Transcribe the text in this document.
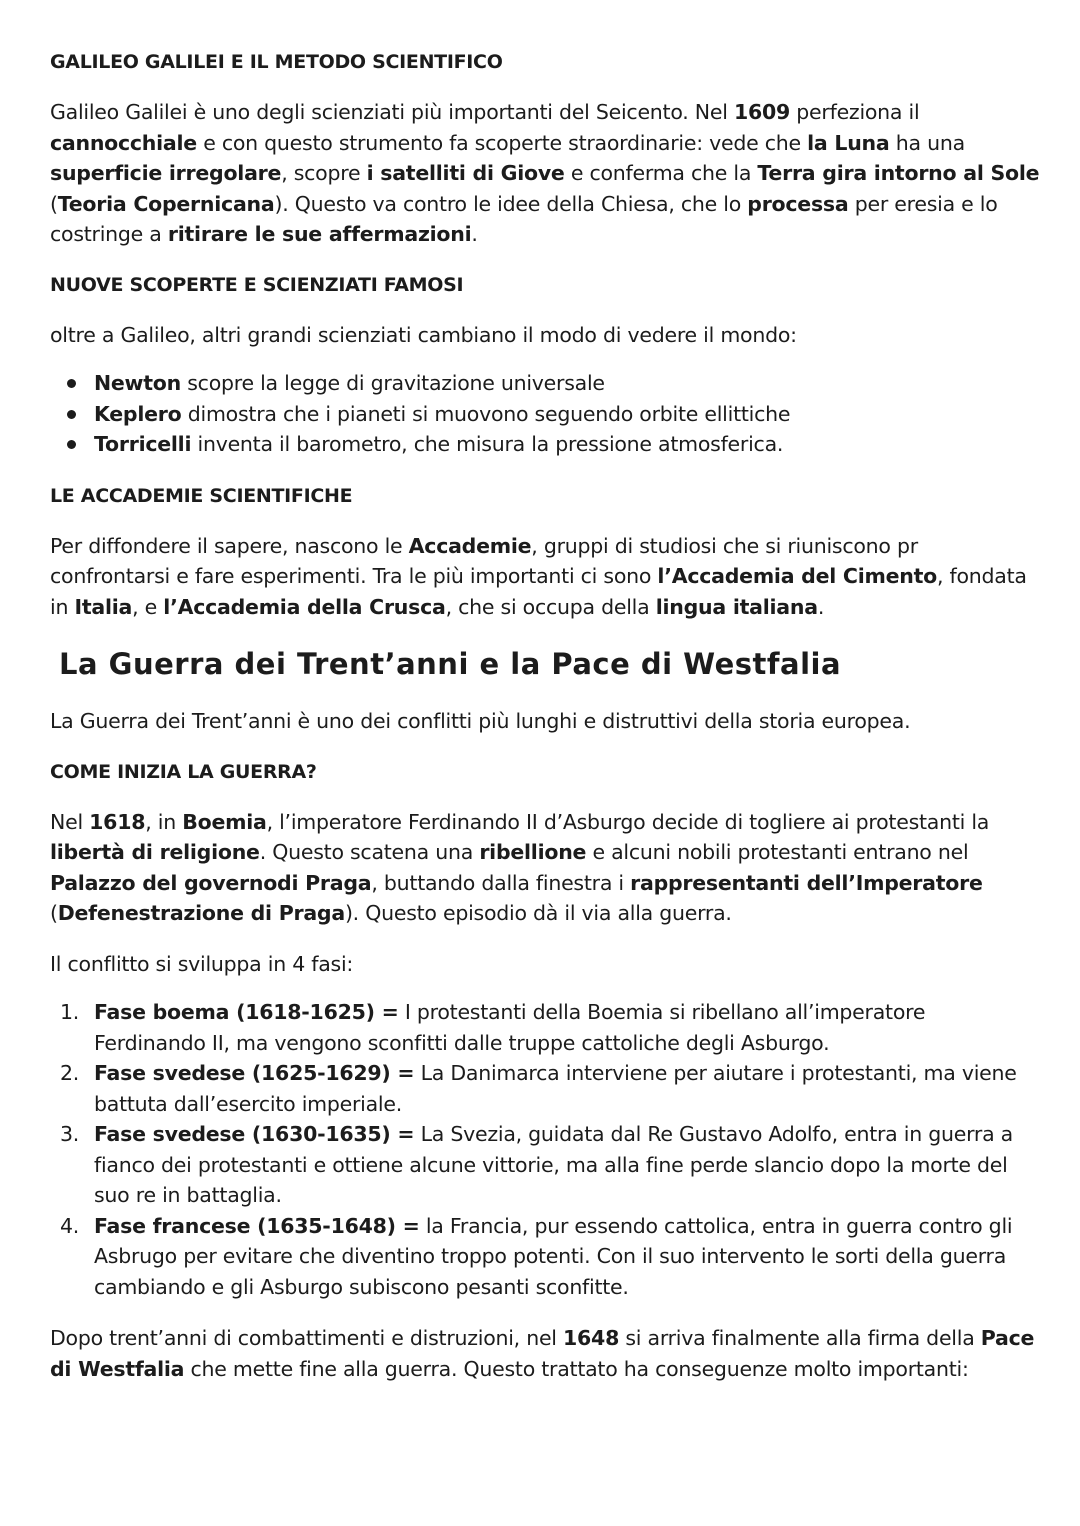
GALILEO GALILEI E IL METODO SCIENTIFICO

Galileo Galilei è uno degli scienziati più importanti del Seicento. Nel 1609 perfeziona il cannocchiale e con questo strumento fa scoperte straordinarie: vede che la Luna ha una superficie irregolare, scopre i satelliti di Giove e conferma che la Terra gira intorno al Sole (Teoria Copernicana). Questo va contro le idee della Chiesa, che lo processa per eresia e lo costringe a ritirare le sue affermazioni.

NUOVE SCOPERTE E SCIENZIATI FAMOSI

oltre a Galileo, altri grandi scienziati cambiano il modo di vedere il mondo:

Newton scopre la legge di gravitazione universale
Keplero dimostra che i pianeti si muovono seguendo orbite ellittiche
Torricelli inventa il barometro, che misura la pressione atmosferica.
LE ACCADEMIE SCIENTIFICHE

Per diffondere il sapere, nascono le Accademie, gruppi di studiosi che si riuniscono pr confrontarsi e fare esperimenti. Tra le più importanti ci sono l’Accademia del Cimento, fondata in Italia, e l’Accademia della Crusca, che si occupa della lingua italiana.

La Guerra dei Trent’anni e la Pace di Westfalia

La Guerra dei Trent’anni è uno dei conflitti più lunghi e distruttivi della storia europea.

COME INIZIA LA GUERRA?

Nel 1618, in Boemia, l’imperatore Ferdinando II d’Asburgo decide di togliere ai protestanti la libertà di religione. Questo scatena una ribellione e alcuni nobili protestanti entrano nel Palazzo del governodi Praga, buttando dalla finestra i rappresentanti dell’Imperatore (Defenestrazione di Praga). Questo episodio dà il via alla guerra.

Il conflitto si sviluppa in 4 fasi:

1. Fase boema (1618-1625) = I protestanti della Boemia si ribellano all’imperatore Ferdinando II, ma vengono sconfitti dalle truppe cattoliche degli Asburgo.
2. Fase svedese (1625-1629) = La Danimarca interviene per aiutare i protestanti, ma viene battuta dall’esercito imperiale.
3. Fase svedese (1630-1635) = La Svezia, guidata dal Re Gustavo Adolfo, entra in guerra a fianco dei protestanti e ottiene alcune vittorie, ma alla fine perde slancio dopo la morte del suo re in battaglia.
4. Fase francese (1635-1648) = la Francia, pur essendo cattolica, entra in guerra contro gli Asbrugo per evitare che diventino troppo potenti. Con il suo intervento le sorti della guerra cambiando e gli Asburgo subiscono pesanti sconfitte.

Dopo trent’anni di combattimenti e distruzioni, nel 1648 si arriva finalmente alla firma della Pace di Westfalia che mette fine alla guerra. Questo trattato ha conseguenze molto importanti:
